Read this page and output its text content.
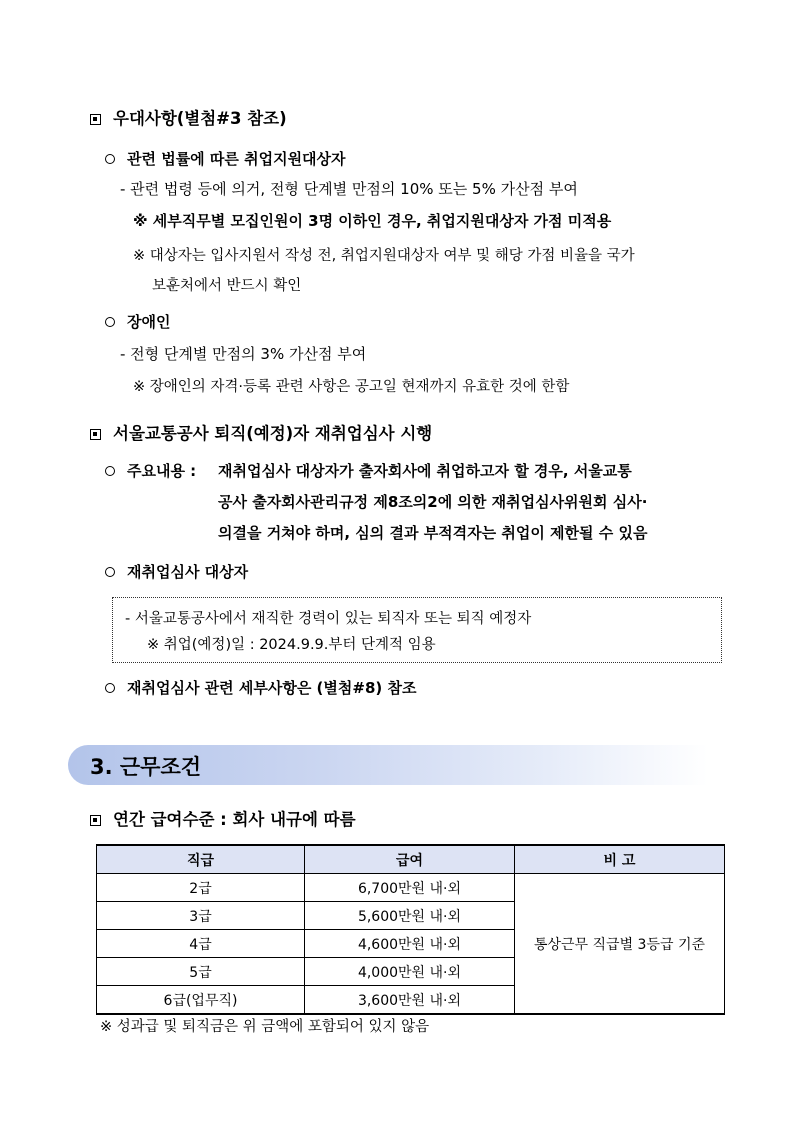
우대사항(별첨#3 참조)
관련 법률에 따른 취업지원대상자
- 관련 법령 등에 의거, 전형 단계별 만점의 10% 또는 5% 가산점 부여
※ 세부직무별 모집인원이 3명 이하인 경우, 취업지원대상자 가점 미적용
※ 대상자는 입사지원서 작성 전, 취업지원대상자 여부 및 해당 가점 비율을 국가
보훈처에서 반드시 확인
장애인
- 전형 단계별 만점의 3% 가산점 부여
※ 장애인의 자격·등록 관련 사항은 공고일 현재까지 유효한 것에 한함
서울교통공사 퇴직(예정)자 재취업심사 시행
주요내용 : 재취업심사 대상자가 출자회사에 취업하고자 할 경우, 서울교통
공사 출자회사관리규정 제8조의2에 의한 재취업심사위원회 심사·
의결을 거쳐야 하며, 심의 결과 부적격자는 취업이 제한될 수 있음
재취업심사 대상자
- 서울교통공사에서 재직한 경력이 있는 퇴직자 또는 퇴직 예정자
※ 취업(예정)일 : 2024.9.9.부터 단계적 임용
재취업심사 관련 세부사항은 (별첨#8) 참조
3. 근무조건
연간 급여수준 : 회사 내규에 따름
직급	급여	비 고
2급	6,700만원 내·외	통상근무 직급별 3등급 기준
3급	5,600만원 내·외	
4급	4,600만원 내·외	
5급	4,000만원 내·외	
6급(업무직)	3,600만원 내·외	
※ 성과급 및 퇴직금은 위 금액에 포함되어 있지 않음
